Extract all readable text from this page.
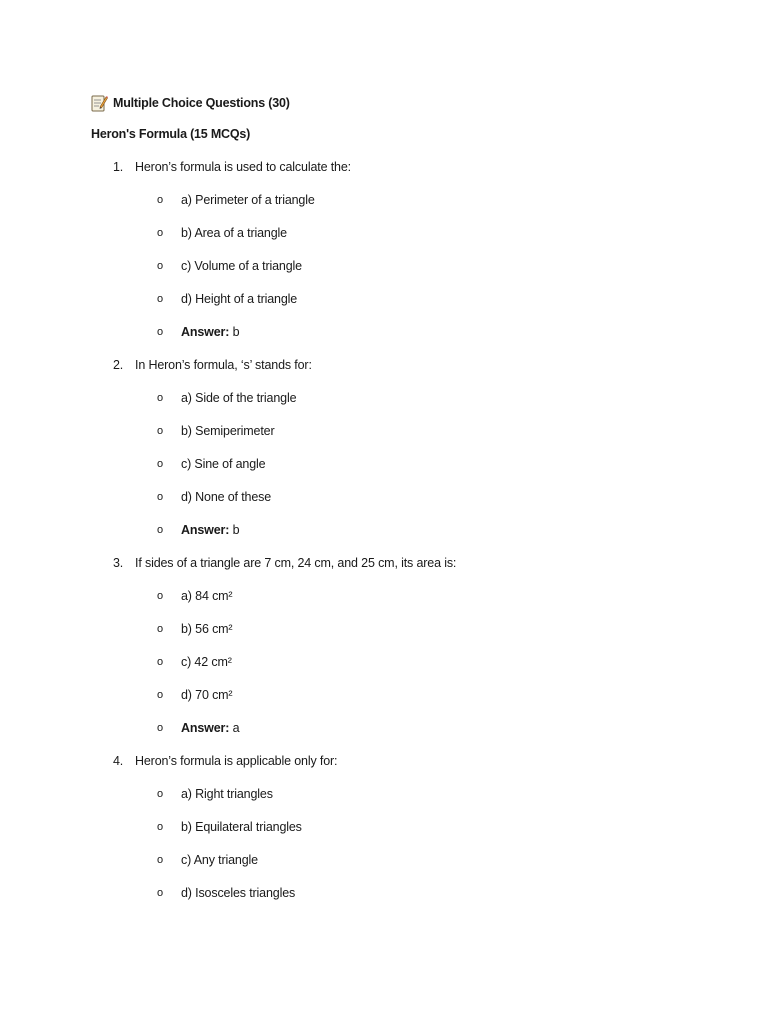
Multiple Choice Questions (30)
Heron's Formula (15 MCQs)
1. Heron’s formula is used to calculate the:
o a) Perimeter of a triangle
o b) Area of a triangle
o c) Volume of a triangle
o d) Height of a triangle
o Answer: b
2. In Heron’s formula, ‘s’ stands for:
o a) Side of the triangle
o b) Semiperimeter
o c) Sine of angle
o d) None of these
o Answer: b
3. If sides of a triangle are 7 cm, 24 cm, and 25 cm, its area is:
o a) 84 cm²
o b) 56 cm²
o c) 42 cm²
o d) 70 cm²
o Answer: a
4. Heron’s formula is applicable only for:
o a) Right triangles
o b) Equilateral triangles
o c) Any triangle
o d) Isosceles triangles
